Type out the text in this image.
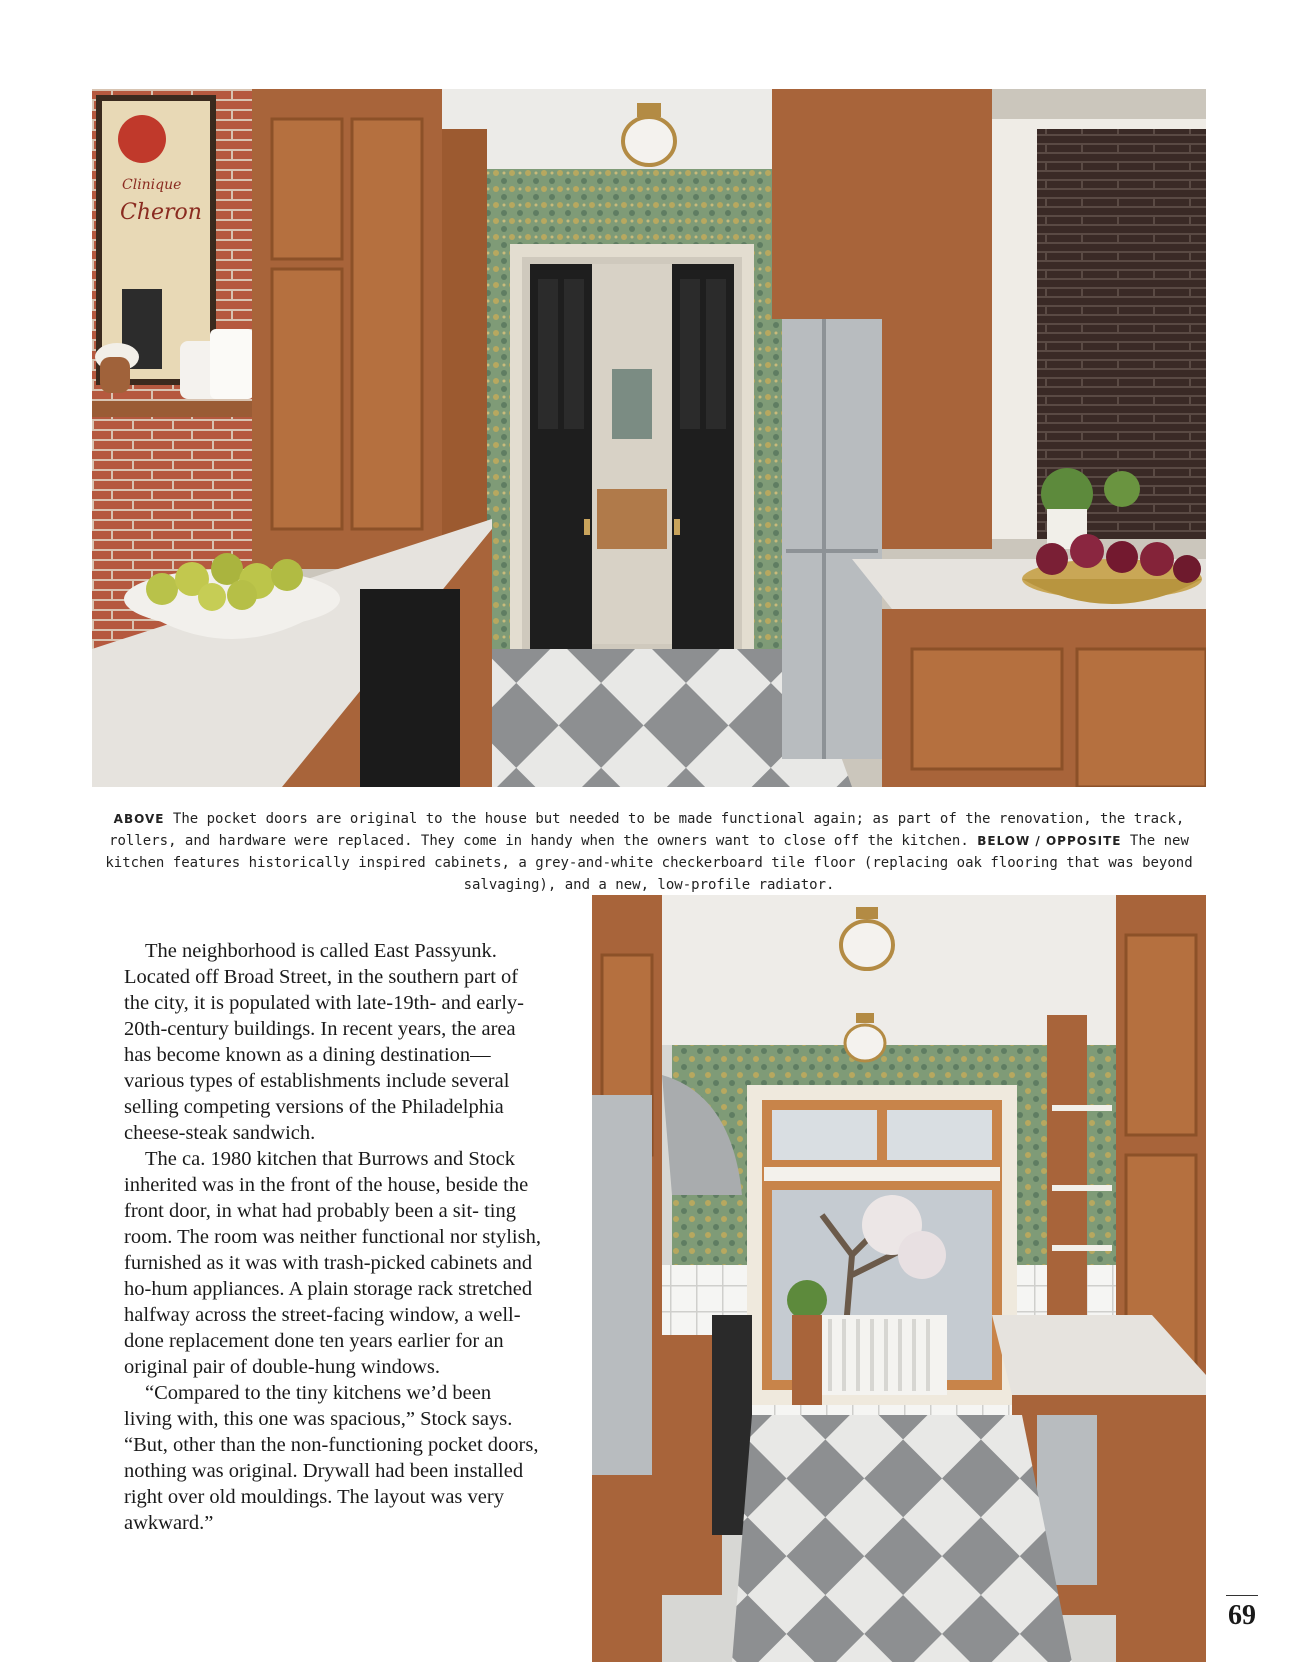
Clinique
Cheron
ABOVE The pocket doors are original to the house but needed to be made functional again; as part of the renovation, the track, rollers, and hardware were replaced. They come in handy when the owners want to close off the kitchen. BELOW / OPPOSITE The new kitchen features historically inspired cabinets, a grey-and-white checkerboard tile floor (replacing oak flooring that was beyond salvaging), and a new, low-profile radiator.

The neighborhood is called East Passyunk. Located off Broad Street, in the southern part of the city, it is populated with late-19th- and early-20th-century buildings. In recent years, the area has become known as a dining destination— various types of establishments include several selling competing versions of the Philadelphia cheese-steak sandwich.

The ca. 1980 kitchen that Burrows and Stock inherited was in the front of the house, beside the front door, in what had probably been a sit- ting room. The room was neither functional nor stylish, furnished as it was with trash-picked cabinets and ho-hum appliances. A plain storage rack stretched halfway across the street-facing window, a well-done replacement done ten years earlier for an original pair of double-hung windows.

“Compared to the tiny kitchens we’d been living with, this one was spacious,” Stock says. “But, other than the non-functioning pocket doors, nothing was original. Drywall had been installed right over old mouldings. The layout was very awkward.”

69
